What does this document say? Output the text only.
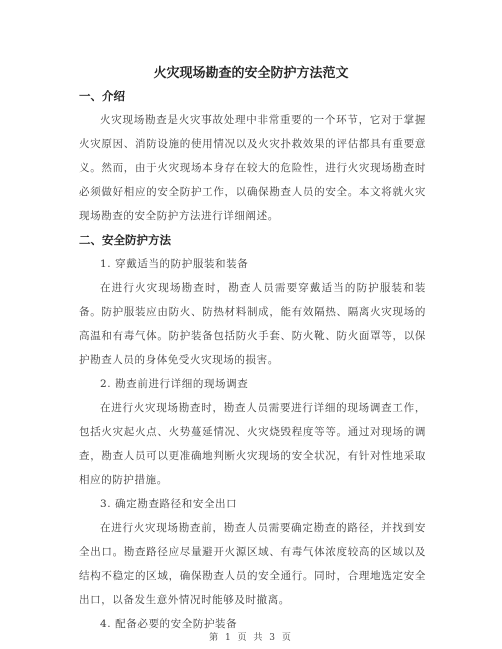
火灾现场勘查的安全防护方法范文
一、介绍

火灾现场勘查是火灾事故处理中非常重要的一个环节，它对于掌握火灾原因、消防设施的使用情况以及火灾扑救效果的评估都具有重要意义。然而，由于火灾现场本身存在较大的危险性，进行火灾现场勘查时必须做好相应的安全防护工作，以确保勘查人员的安全。本文将就火灾现场勘查的安全防护方法进行详细阐述。

二、安全防护方法
1. 穿戴适当的防护服装和装备

在进行火灾现场勘查时，勘查人员需要穿戴适当的防护服装和装备。防护服装应由防火、防热材料制成，能有效隔热、隔离火灾现场的高温和有毒气体。防护装备包括防火手套、防火靴、防火面罩等，以保护勘查人员的身体免受火灾现场的损害。

2. 勘查前进行详细的现场调查

在进行火灾现场勘查时，勘查人员需要进行详细的现场调查工作，包括火灾起火点、火势蔓延情况、火灾烧毁程度等等。通过对现场的调查，勘查人员可以更准确地判断火灾现场的安全状况，有针对性地采取相应的防护措施。

3. 确定勘查路径和安全出口

在进行火灾现场勘查前，勘查人员需要确定勘查的路径，并找到安全出口。勘查路径应尽量避开火源区域、有毒气体浓度较高的区域以及结构不稳定的区域，确保勘查人员的安全通行。同时，合理地选定安全出口，以备发生意外情况时能够及时撤离。

4. 配备必要的安全防护装备
第 1 页 共 3 页
